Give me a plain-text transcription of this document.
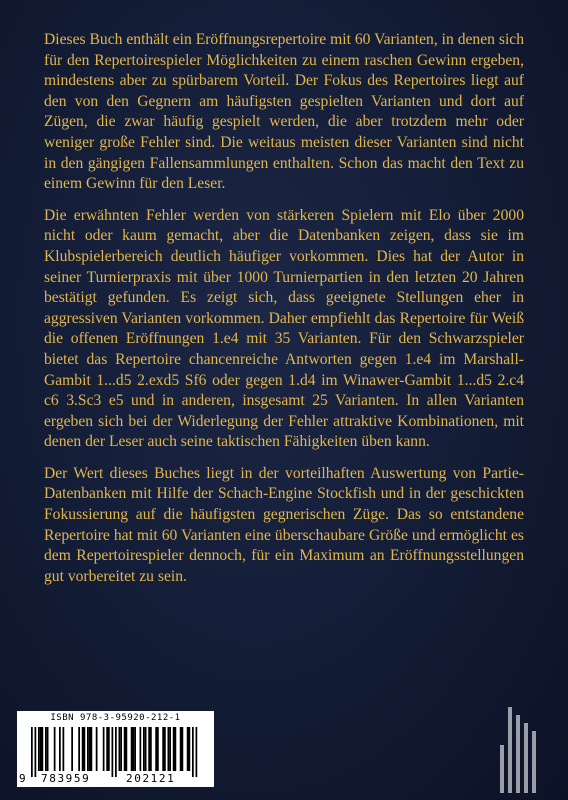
Dieses Buch enthält ein Eröffnungsrepertoire mit 60 Varianten, in denen sich für den Repertoirespieler Möglichkeiten zu einem raschen Gewinn ergeben, mindestens aber zu spürbarem Vorteil. Der Fokus des Repertoires liegt auf den von den Gegnern am häufigsten gespielten Varianten und dort auf Zügen, die zwar häufig gespielt werden, die aber trotzdem mehr oder weniger große Fehler sind. Die weitaus meisten dieser Varianten sind nicht in den gängigen Fallensammlungen enthalten. Schon das macht den Text zu einem Gewinn für den Leser.

Die erwähnten Fehler werden von stärkeren Spielern mit Elo über 2000 nicht oder kaum gemacht, aber die Datenbanken zeigen, dass sie im Klubspielerbereich deutlich häufiger vorkommen. Dies hat der Autor in seiner Turnierpraxis mit über 1000 Turnierpartien in den letzten 20 Jahren bestätigt gefunden. Es zeigt sich, dass geeignete Stellungen eher in aggressiven Varianten vorkommen. Daher empfiehlt das Repertoire für Weiß die offenen Eröffnungen 1.e4 mit 35 Varianten. Für den Schwarzspieler bietet das Repertoire chancenreiche Antworten gegen 1.e4 im Marshall-Gambit 1...d5 2.exd5 Sf6 oder gegen 1.d4 im Winawer-Gambit 1...d5 2.c4 c6 3.Sc3 e5 und in anderen, insgesamt 25 Varianten. In allen Varianten ergeben sich bei der Widerlegung der Fehler attraktive Kombinationen, mit denen der Leser auch seine taktischen Fähigkeiten üben kann.

Der Wert dieses Buches liegt in der vorteilhaften Auswertung von Partie-Datenbanken mit Hilfe der Schach-Engine Stockfish und in der geschickten Fokussierung auf die häufigsten gegnerischen Züge. Das so entstandene Repertoire hat mit 60 Varianten eine überschaubare Größe und ermöglicht es dem Repertoirespieler dennoch, für ein Maximum an Eröffnungsstellungen gut vorbereitet zu sein.

ISBN 978-3-95920-212-1
9 783959	202121
